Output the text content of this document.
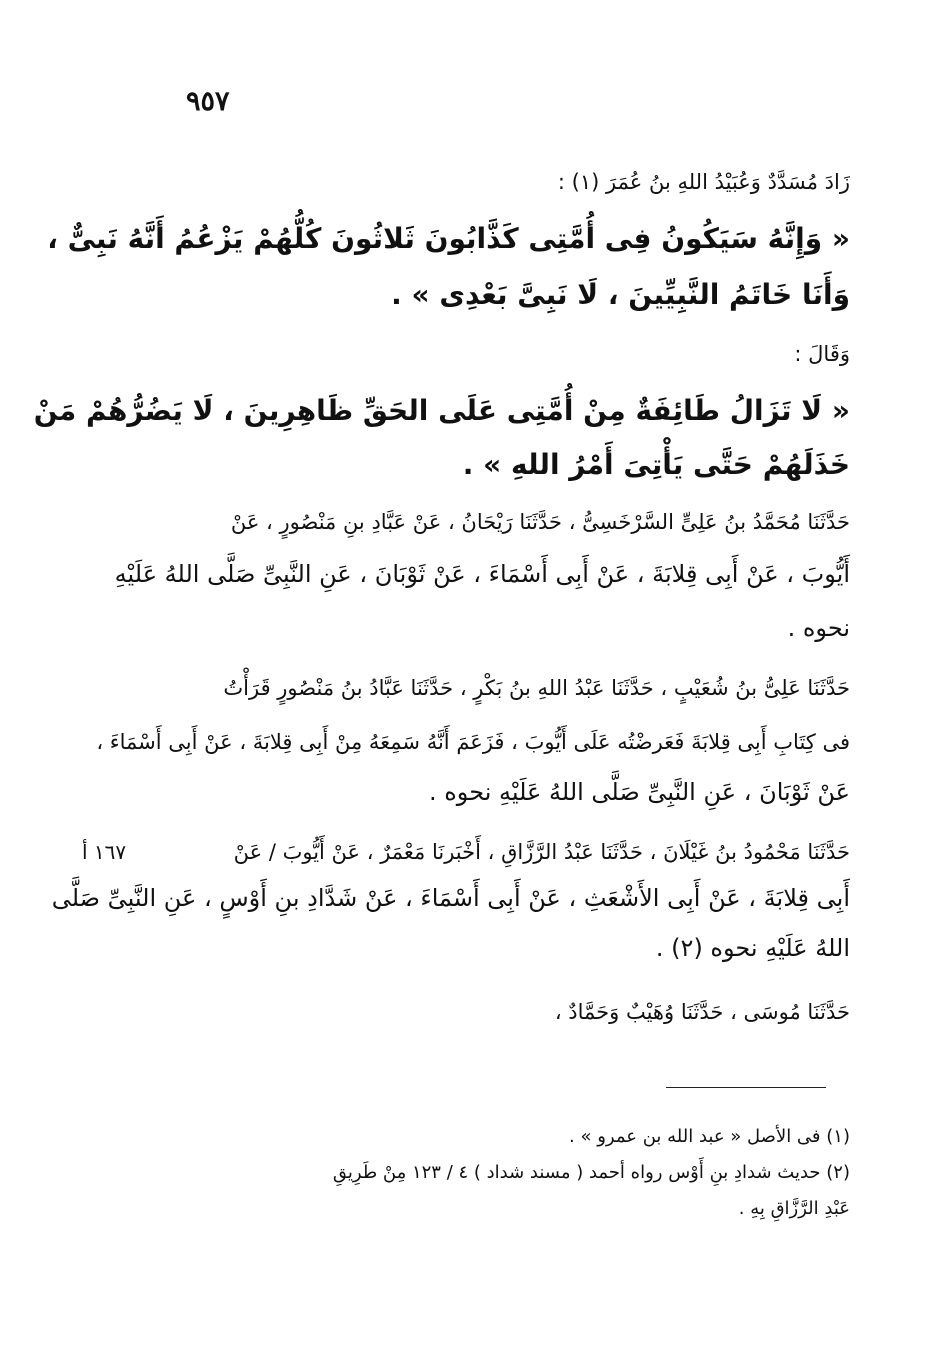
٩٥٧
زَادَ مُسَدَّدٌ وَعُبَيْدُ اللهِ بنُ عُمَرَ (١) :
« وَإِنَّهُ سَيَكُونُ فِى أُمَّتِى كَذَّابُونَ ثَلاثُونَ كُلُّهُمْ يَزْعُمُ أَنَّهُ نَبِىٌّ ،
وَأَنَا خَاتَمُ النَّبِيِّينَ ، لَا نَبِىَّ بَعْدِى » .
وَقَالَ :
« لَا تَزَالُ طَائِفَةٌ مِنْ أُمَّتِى عَلَى الحَقِّ ظَاهِرِينَ ، لَا يَضُرُّهُمْ مَنْ
خَذَلَهُمْ حَتَّى يَأْتِىَ أَمْرُ اللهِ » .
حَدَّثَنَا مُحَمَّدُ بنُ عَلِىٍّ السَّرْخَسِىُّ ، حَدَّثَنَا رَيْحَانُ ، عَنْ عَبَّادِ بنِ مَنْصُورٍ ، عَنْ
أَيُّوبَ ، عَنْ أَبِى قِلابَةَ ، عَنْ أَبِى أَسْمَاءَ ، عَنْ ثَوْبَانَ ، عَنِ النَّبِىِّ صَلَّى اللهُ عَلَيْهِ
نحوه .
حَدَّثَنَا عَلِىُّ بنُ شُعَيْبٍ ، حَدَّثَنَا عَبْدُ اللهِ بنُ بَكْرٍ ، حَدَّثَنَا عَبَّادُ بنُ مَنْصُورٍ قَرَأْتُ
فى كِتَابِ أَبِى قِلابَةَ فَعَرضْتُه عَلَى أَيُّوبَ ، فَزَعَمَ أَنَّهُ سَمِعَهُ مِنْ أَبِى قِلابَةَ ، عَنْ أَبِى أَسْمَاءَ ،
عَنْ ثَوْبَانَ ، عَنِ النَّبِىِّ صَلَّى اللهُ عَلَيْهِ نحوه .
حَدَّثَنَا مَحْمُودُ بنُ غَيْلَانَ ، حَدَّثَنَا عَبْدُ الرَّزَّاقِ ، أَخْبَرنَا مَعْمَرٌ ، عَنْ أَيُّوبَ / عَنْ
أَبِى قِلابَةَ ، عَنْ أَبِى الأَشْعَثِ ، عَنْ أَبِى أَسْمَاءَ ، عَنْ شَدَّادِ بنِ أَوْسٍ ، عَنِ النَّبِىِّ صَلَّى
اللهُ عَلَيْهِ نحوه (٢) .
حَدَّثَنَا مُوسَى ، حَدَّثَنَا وُهَيْبٌ وَحَمَّادٌ ،
١٦٧ أ
(١) فى الأصل « عبد الله بن عمرو » .
(٢) حديث شدادِ بنِ أَوْس رواه أحمد ( مسند شداد ) ٤ / ١٢٣ مِنْ طَرِيقِ
عَبْدِ الرَّزَّاقِ بِهِ .
